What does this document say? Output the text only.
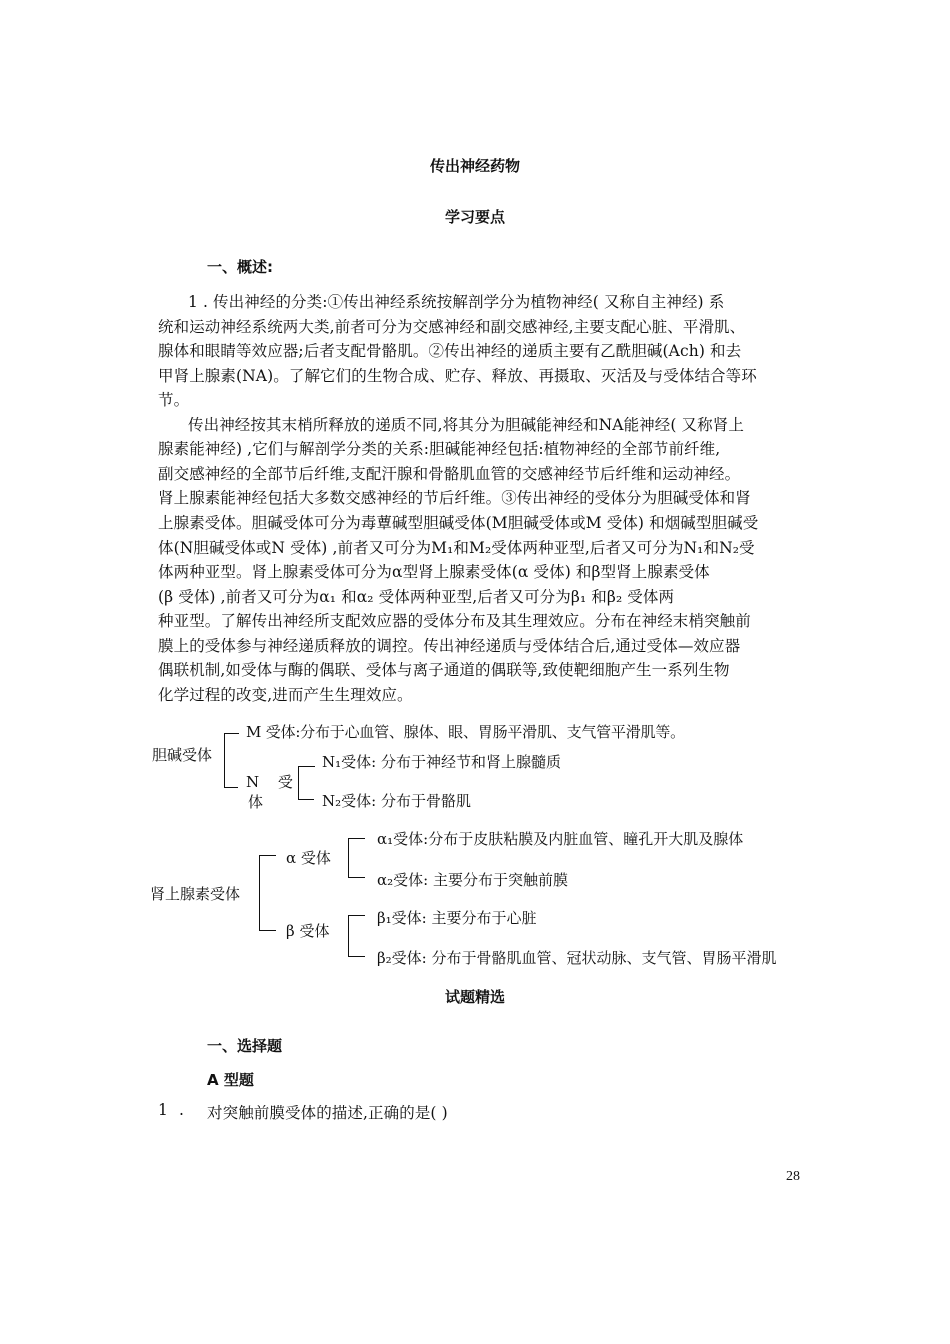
传出神经药物
学习要点
一、概述:
1 . 传出神经的分类:①传出神经系统按解剖学分为植物神经( 又称自主神经) 系
统和运动神经系统两大类,前者可分为交感神经和副交感神经,主要支配心脏、平滑肌、
腺体和眼睛等效应器;后者支配骨骼肌。②传出神经的递质主要有乙酰胆碱(Ach) 和去
甲肾上腺素(NA)。了解它们的生物合成、贮存、释放、再摄取、灭活及与受体结合等环
节。
传出神经按其末梢所释放的递质不同,将其分为胆碱能神经和NA能神经( 又称肾上
腺素能神经) ,它们与解剖学分类的关系:胆碱能神经包括:植物神经的全部节前纤维,
副交感神经的全部节后纤维,支配汗腺和骨骼肌血管的交感神经节后纤维和运动神经。
肾上腺素能神经包括大多数交感神经的节后纤维。③传出神经的受体分为胆碱受体和肾
上腺素受体。胆碱受体可分为毒蕈碱型胆碱受体(M胆碱受体或M 受体) 和烟碱型胆碱受
体(N胆碱受体或N 受体) ,前者又可分为M₁和M₂受体两种亚型,后者又可分为N₁和N₂受
体两种亚型。肾上腺素受体可分为α型肾上腺素受体(α 受体) 和β型肾上腺素受体
(β 受体) ,前者又可分为α₁ 和α₂ 受体两种亚型,后者又可分为β₁ 和β₂ 受体两
种亚型。了解传出神经所支配效应器的受体分布及其生理效应。分布在神经末梢突触前
膜上的受体参与神经递质释放的调控。传出神经递质与受体结合后,通过受体—效应器
偶联机制,如受体与酶的偶联、受体与离子通道的偶联等,致使靶细胞产生一系列生物
化学过程的改变,进而产生生理效应。
胆碱受体
M 受体:分布于心血管、腺体、眼、胃肠平滑肌、支气管平滑肌等。
N 受
体
N₁受体: 分布于神经节和肾上腺髓质
N₂受体: 分布于骨骼肌
肾上腺素受体
α 受体
β 受体
α₁受体:分布于皮肤粘膜及内脏血管、瞳孔开大肌及腺体
α₂受体: 主要分布于突触前膜
β₁受体: 主要分布于心脏
β₂受体: 分布于骨骼肌血管、冠状动脉、支气管、胃肠平滑肌
试题精选
一、选择题
A 型题
1 . 对突触前膜受体的描述,正确的是( )
28
